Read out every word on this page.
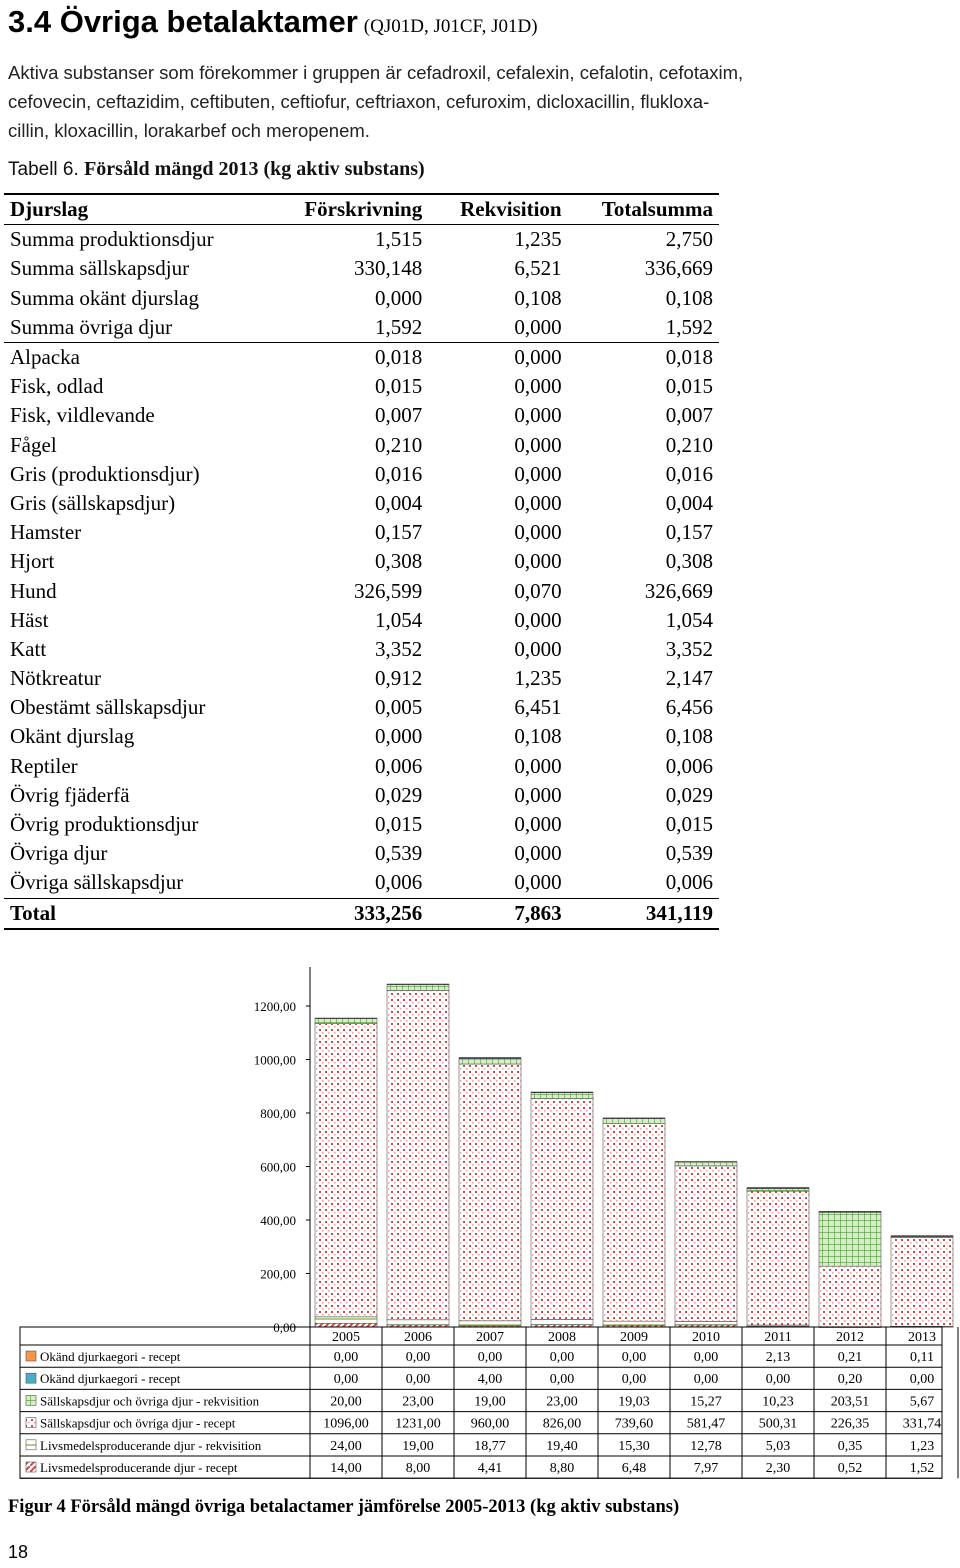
3.4 Övriga betalaktamer (QJ01D, J01CF, J01D)
Aktiva substanser som förekommer i gruppen är cefadroxil, cefalexin, cefalotin, cefotaxim,
cefovecin, ceftazidim, ceftibuten, ceftiofur, ceftriaxon, cefuroxim, dicloxacillin, flukloxa-
cillin, kloxacillin, lorakarbef och meropenem.
Tabell 6. Försåld mängd 2013 (kg aktiv substans)
Djurslag	Förskrivning	Rekvisition	Totalsumma
Summa produktionsdjur	1,515	1,235	2,750
Summa sällskapsdjur	330,148	6,521	336,669
Summa okänt djurslag	0,000	0,108	0,108
Summa övriga djur	1,592	0,000	1,592
Alpacka	0,018	0,000	0,018
Fisk, odlad	0,015	0,000	0,015
Fisk, vildlevande	0,007	0,000	0,007
Fågel	0,210	0,000	0,210
Gris (produktionsdjur)	0,016	0,000	0,016
Gris (sällskapsdjur)	0,004	0,000	0,004
Hamster	0,157	0,000	0,157
Hjort	0,308	0,000	0,308
Hund	326,599	0,070	326,669
Häst	1,054	0,000	1,054
Katt	3,352	0,000	3,352
Nötkreatur	0,912	1,235	2,147
Obestämt sällskapsdjur	0,005	6,451	6,456
Okänt djurslag	0,000	0,108	0,108
Reptiler	0,006	0,000	0,006
Övrig fjäderfä	0,029	0,000	0,029
Övrig produktionsdjur	0,015	0,000	0,015
Övriga djur	0,539	0,000	0,539
Övriga sällskapsdjur	0,006	0,000	0,006
Total	333,256	7,863	341,119
0,00
200,00
400,00
600,00
800,00
1000,00
1200,00
2005	2006	2007	2008	2009	2010	2011	2012	2013
Okänd djurkaegori - recept	0,00	0,00	0,00	0,00	0,00	0,00	2,13	0,21	0,11
Okänd djurkaegori - recept	0,00	0,00	4,00	0,00	0,00	0,00	0,00	0,20	0,00
Sällskapsdjur och övriga djur - rekvisition	20,00	23,00	19,00	23,00	19,03	15,27	10,23	203,51	5,67
Sällskapsdjur och övriga djur - recept	1096,00 1231,00 960,00 826,00 739,60 581,47 500,31 226,35 331,74
Livsmedelsproducerande djur - rekvisition	24,00	19,00	18,77	19,40	15,30	12,78	5,03	0,35	1,23
Livsmedelsproducerande djur - recept	14,00	8,00	4,41	8,80	6,48	7,97	2,30	0,52	1,52
Figur 4 Försåld mängd övriga betalactamer jämförelse 2005-2013 (kg aktiv substans)
18
